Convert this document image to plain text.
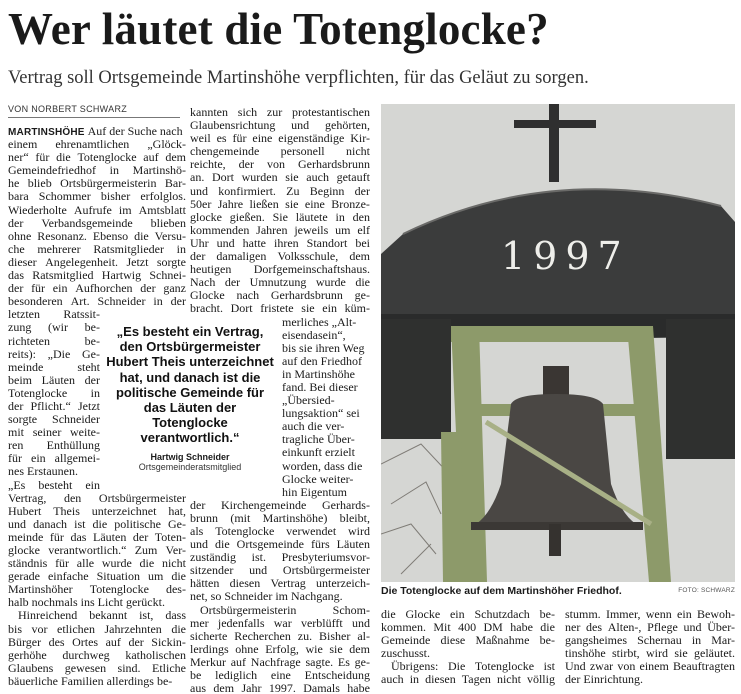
Wer läutet die Totenglocke?
Vertrag soll Ortsgemeinde Martinshöhe verpflichten, für das Geläut zu sorgen.
VON NORBERT SCHWARZ
MARTINSHÖHE Auf der Suche nach
einem ehrenamtlichen „Glöck-
ner“ für die Totenglocke auf dem
Gemeindefriedhof in Martinshö-
he blieb Ortsbürgermeisterin Bar-
bara Schommer bisher erfolglos.
Wiederholte Aufrufe im Amtsblatt
der Verbandsgemeinde blieben
ohne Resonanz. Ebenso die Versu-
che mehrerer Ratsmitglieder in
dieser Angelegenheit. Jetzt sorgte
das Ratsmitglied Hartwig Schnei-
der für ein Aufhorchen der ganz
besonderen Art. Schneider in der
letzten Ratssit-
zung (wir be-
richteten	be-
reits): „Die Ge-
meinde	steht
beim Läuten der
Totenglocke in
der Pflicht.“ Jetzt
sorgte Schneider
mit seiner weite-
ren Enthüllung
für ein allgemei-
nes Erstaunen.
„Es besteht ein
Vertrag, den Ortsbürgermeister
Hubert Theis unterzeichnet hat,
und danach ist die politische Ge-
meinde für das Läuten der Toten-
glocke verantwortlich.“ Zum Ver-
ständnis für alle wurde die nicht
gerade einfache Situation um die
Martinshöher Totenglocke des-
halb nochmals ins Licht gerückt.
Hinreichend bekannt ist, dass
bis vor etlichen Jahrzehnten die
Bürger des Ortes auf der Sickin-
gerhöhe durchweg katholischen
Glaubens gewesen sind. Etliche
bäuerliche Familien allerdings be-
kannten sich zur protestantischen
Glaubensrichtung und gehörten,
weil es für eine eigenständige Kir-
chengemeinde personell nicht
reichte, der von Gerhardsbrunn
an. Dort wurden sie auch getauft
und konfirmiert. Zu Beginn der
50er Jahre ließen sie eine Bronze-
glocke gießen. Sie läutete in den
kommenden Jahren jeweils um elf
Uhr und hatte ihren Standort bei
der damaligen Volksschule, dem
heutigen Dorfgemeinschaftshaus.
Nach der Umnutzung wurde die
Glocke nach Gerhardsbrunn ge-
bracht. Dort fristete sie ein küm-
merliches „Alt-
eisendasein“,
bis sie ihren Weg
auf den Friedhof
in Martinshöhe
fand. Bei dieser
„Übersied-
lungsaktion“ sei
auch die ver-
tragliche Über-
einkunft erzielt
worden, dass die
Glocke weiter-
hin Eigentum
der Kirchengemeinde Gerhards-
brunn (mit Martinshöhe) bleibt,
als Totenglocke verwendet wird
und die Ortsgemeinde fürs Läuten
zuständig ist. Presbyteriumsvor-
sitzender und Ortsbürgermeister
hätten diesen Vertrag unterzeich-
net, so Schneider im Nachgang.
Ortsbürgermeisterin	Schom-
mer jedenfalls war verblüfft und
sicherte Recherchen zu. Bisher al-
lerdings ohne Erfolg, wie sie dem
Merkur auf Nachfrage sagte. Es ge-
be lediglich eine Entscheidung
aus dem Jahr 1997. Damals habe
„Es besteht ein Vertrag, den Ortsbürgermeister Hubert Theis unterzeichnet hat, und danach ist die politische Gemeinde für das Läuten der Totenglocke verantwortlich.“
Hartwig Schneider
Ortsgemeinderatsmitglied
1997
Die Totenglocke auf dem Martinshöher Friedhof.	FOTO: SCHWARZ
die Glocke ein Schutzdach be-
kommen. Mit 400 DM habe die
Gemeinde diese Maßnahme be-
zuschusst.
Übrigens: Die Totenglocke ist
auch in diesen Tagen nicht völlig
stumm. Immer, wenn ein Bewoh-
ner des Alten-, Pflege und Über-
gangsheimes Schernau in Mar-
tinshöhe stirbt, wird sie geläutet.
Und zwar von einem Beauftragten
der Einrichtung.
